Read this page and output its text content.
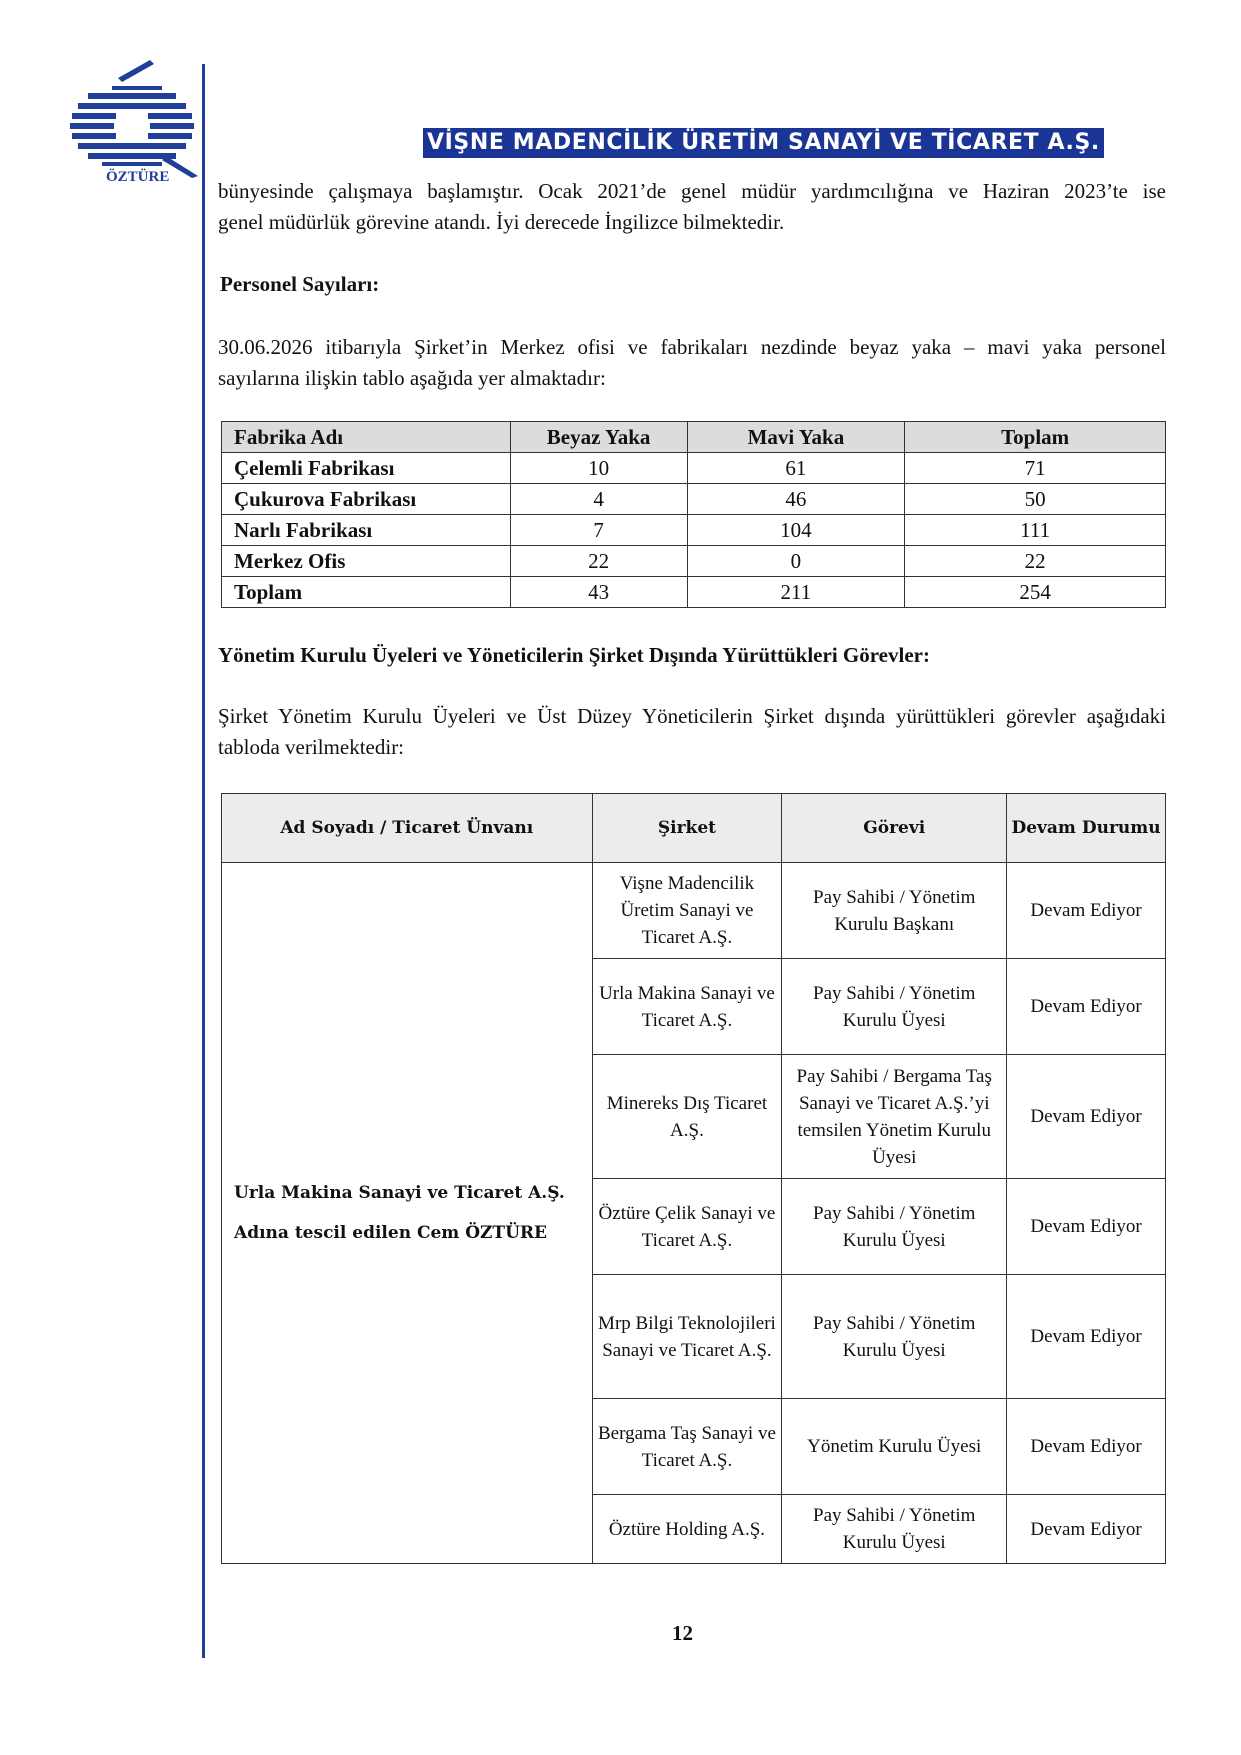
ÖZTÜRE
VİŞNE MADENCİLİK ÜRETİM SANAYİ VE TİCARET A.Ş.
bünyesinde çalışmaya başlamıştır. Ocak 2021’de genel müdür yardımcılığına ve Haziran 2023’te ise
genel müdürlük görevine atandı. İyi derecede İngilizce bilmektedir.
Personel Sayıları:
30.06.2026 itibarıyla Şirket’in Merkez ofisi ve fabrikaları nezdinde beyaz yaka – mavi yaka personel
sayılarına ilişkin tablo aşağıda yer almaktadır:
Fabrika Adı	Beyaz Yaka	Mavi Yaka	Toplam
Çelemli Fabrikası	10	61	71
Çukurova Fabrikası	4	46	50
Narlı Fabrikası	7	104	111
Merkez Ofis	22	0	22
Toplam	43	211	254
Yönetim Kurulu Üyeleri ve Yöneticilerin Şirket Dışında Yürüttükleri Görevler:
Şirket Yönetim Kurulu Üyeleri ve Üst Düzey Yöneticilerin Şirket dışında yürüttükleri görevler aşağıdaki
tabloda verilmektedir:
Ad Soyadı / Ticaret Ünvanı	Şirket	Görevi	Devam Durumu

Urla Makina Sanayi ve Ticaret A.Ş.
Adına tescil edilen Cem ÖZTÜRE	Vişne Madencilik Üretim Sanayi ve Ticaret A.Ş.	Pay Sahibi / Yönetim Kurulu Başkanı	Devam Ediyor
	Urla Makina Sanayi ve Ticaret A.Ş.	Pay Sahibi / Yönetim Kurulu Üyesi	Devam Ediyor
	Minereks Dış Ticaret A.Ş.	Pay Sahibi / Bergama Taş Sanayi ve Ticaret A.Ş.’yi temsilen Yönetim Kurulu Üyesi	Devam Ediyor
	Öztüre Çelik Sanayi ve Ticaret A.Ş.	Pay Sahibi / Yönetim Kurulu Üyesi	Devam Ediyor
	Mrp Bilgi Teknolojileri Sanayi ve Ticaret A.Ş.	Pay Sahibi / Yönetim Kurulu Üyesi	Devam Ediyor
	Bergama Taş Sanayi ve Ticaret A.Ş.	Yönetim Kurulu Üyesi	Devam Ediyor
	Öztüre Holding A.Ş.	Pay Sahibi / Yönetim Kurulu Üyesi	Devam Ediyor
12
